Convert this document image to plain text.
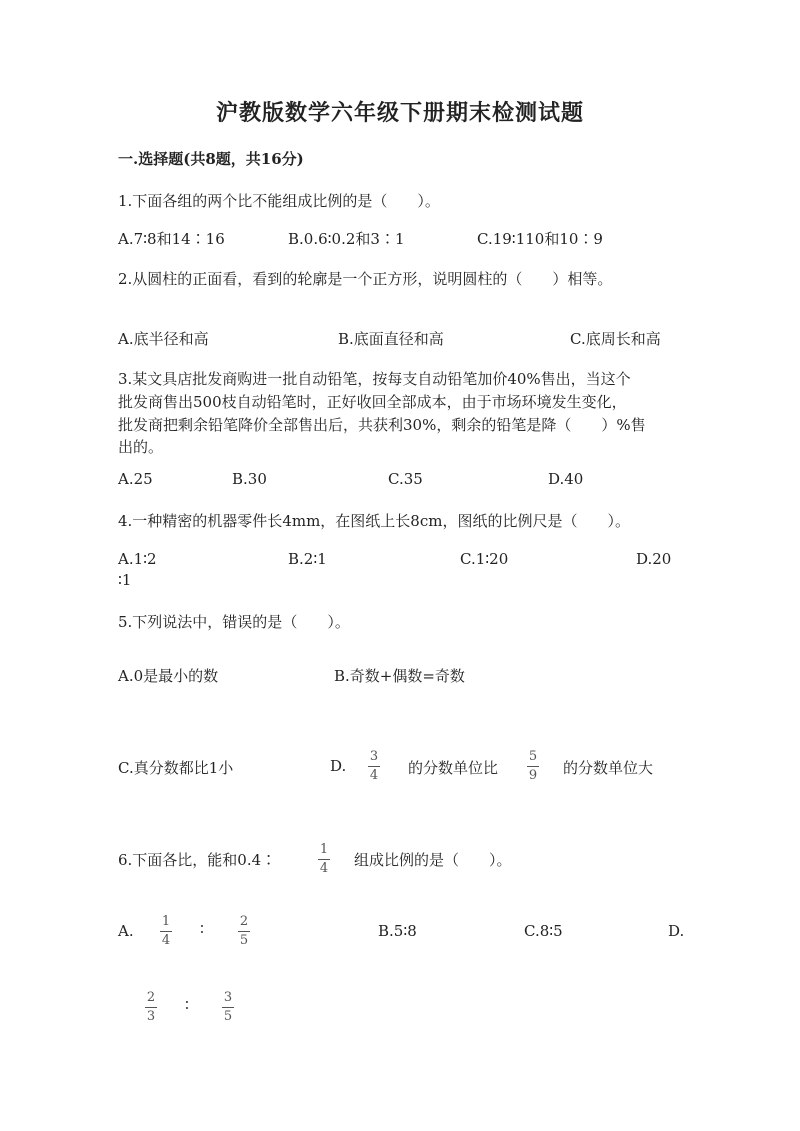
沪教版数学六年级下册期末检测试题
一.选择题(共8题，共16分)
1.下面各组的两个比不能组成比例的是（　　）。
A.7∶8和14∶16	B.0.6∶0.2和3∶1	C.19∶110和10∶9
2.从圆柱的正面看，看到的轮廓是一个正方形，说明圆柱的（　　）相等。
A.底半径和高	B.底面直径和高	C.底周长和高
3.某文具店批发商购进一批自动铅笔，按每支自动铅笔加价40%售出，当这个
批发商售出500枝自动铅笔时，正好收回全部成本，由于市场环境发生变化，
批发商把剩余铅笔降价全部售出后，共获利30%，剩余的铅笔是降（　　）%售
出的。
A.25	B.30	C.35	D.40
4.一种精密的机器零件长4mm，在图纸上长8cm，图纸的比例尺是（　　）。
A.1∶2	B.2∶1	C.1∶20	D.20
∶1
5.下列说法中，错误的是（　　）。
A.0是最小的数	B.奇数+偶数=奇数
C.真分数都比1小	D.
3
4 的分数单位比
5
9 的分数单位大
6.下面各比，能和0.4∶
1
4 组成比例的是（　　）。
A.
1
4
∶	2
5
B.5∶8	C.8∶5	D.
2
3
∶	3
5
